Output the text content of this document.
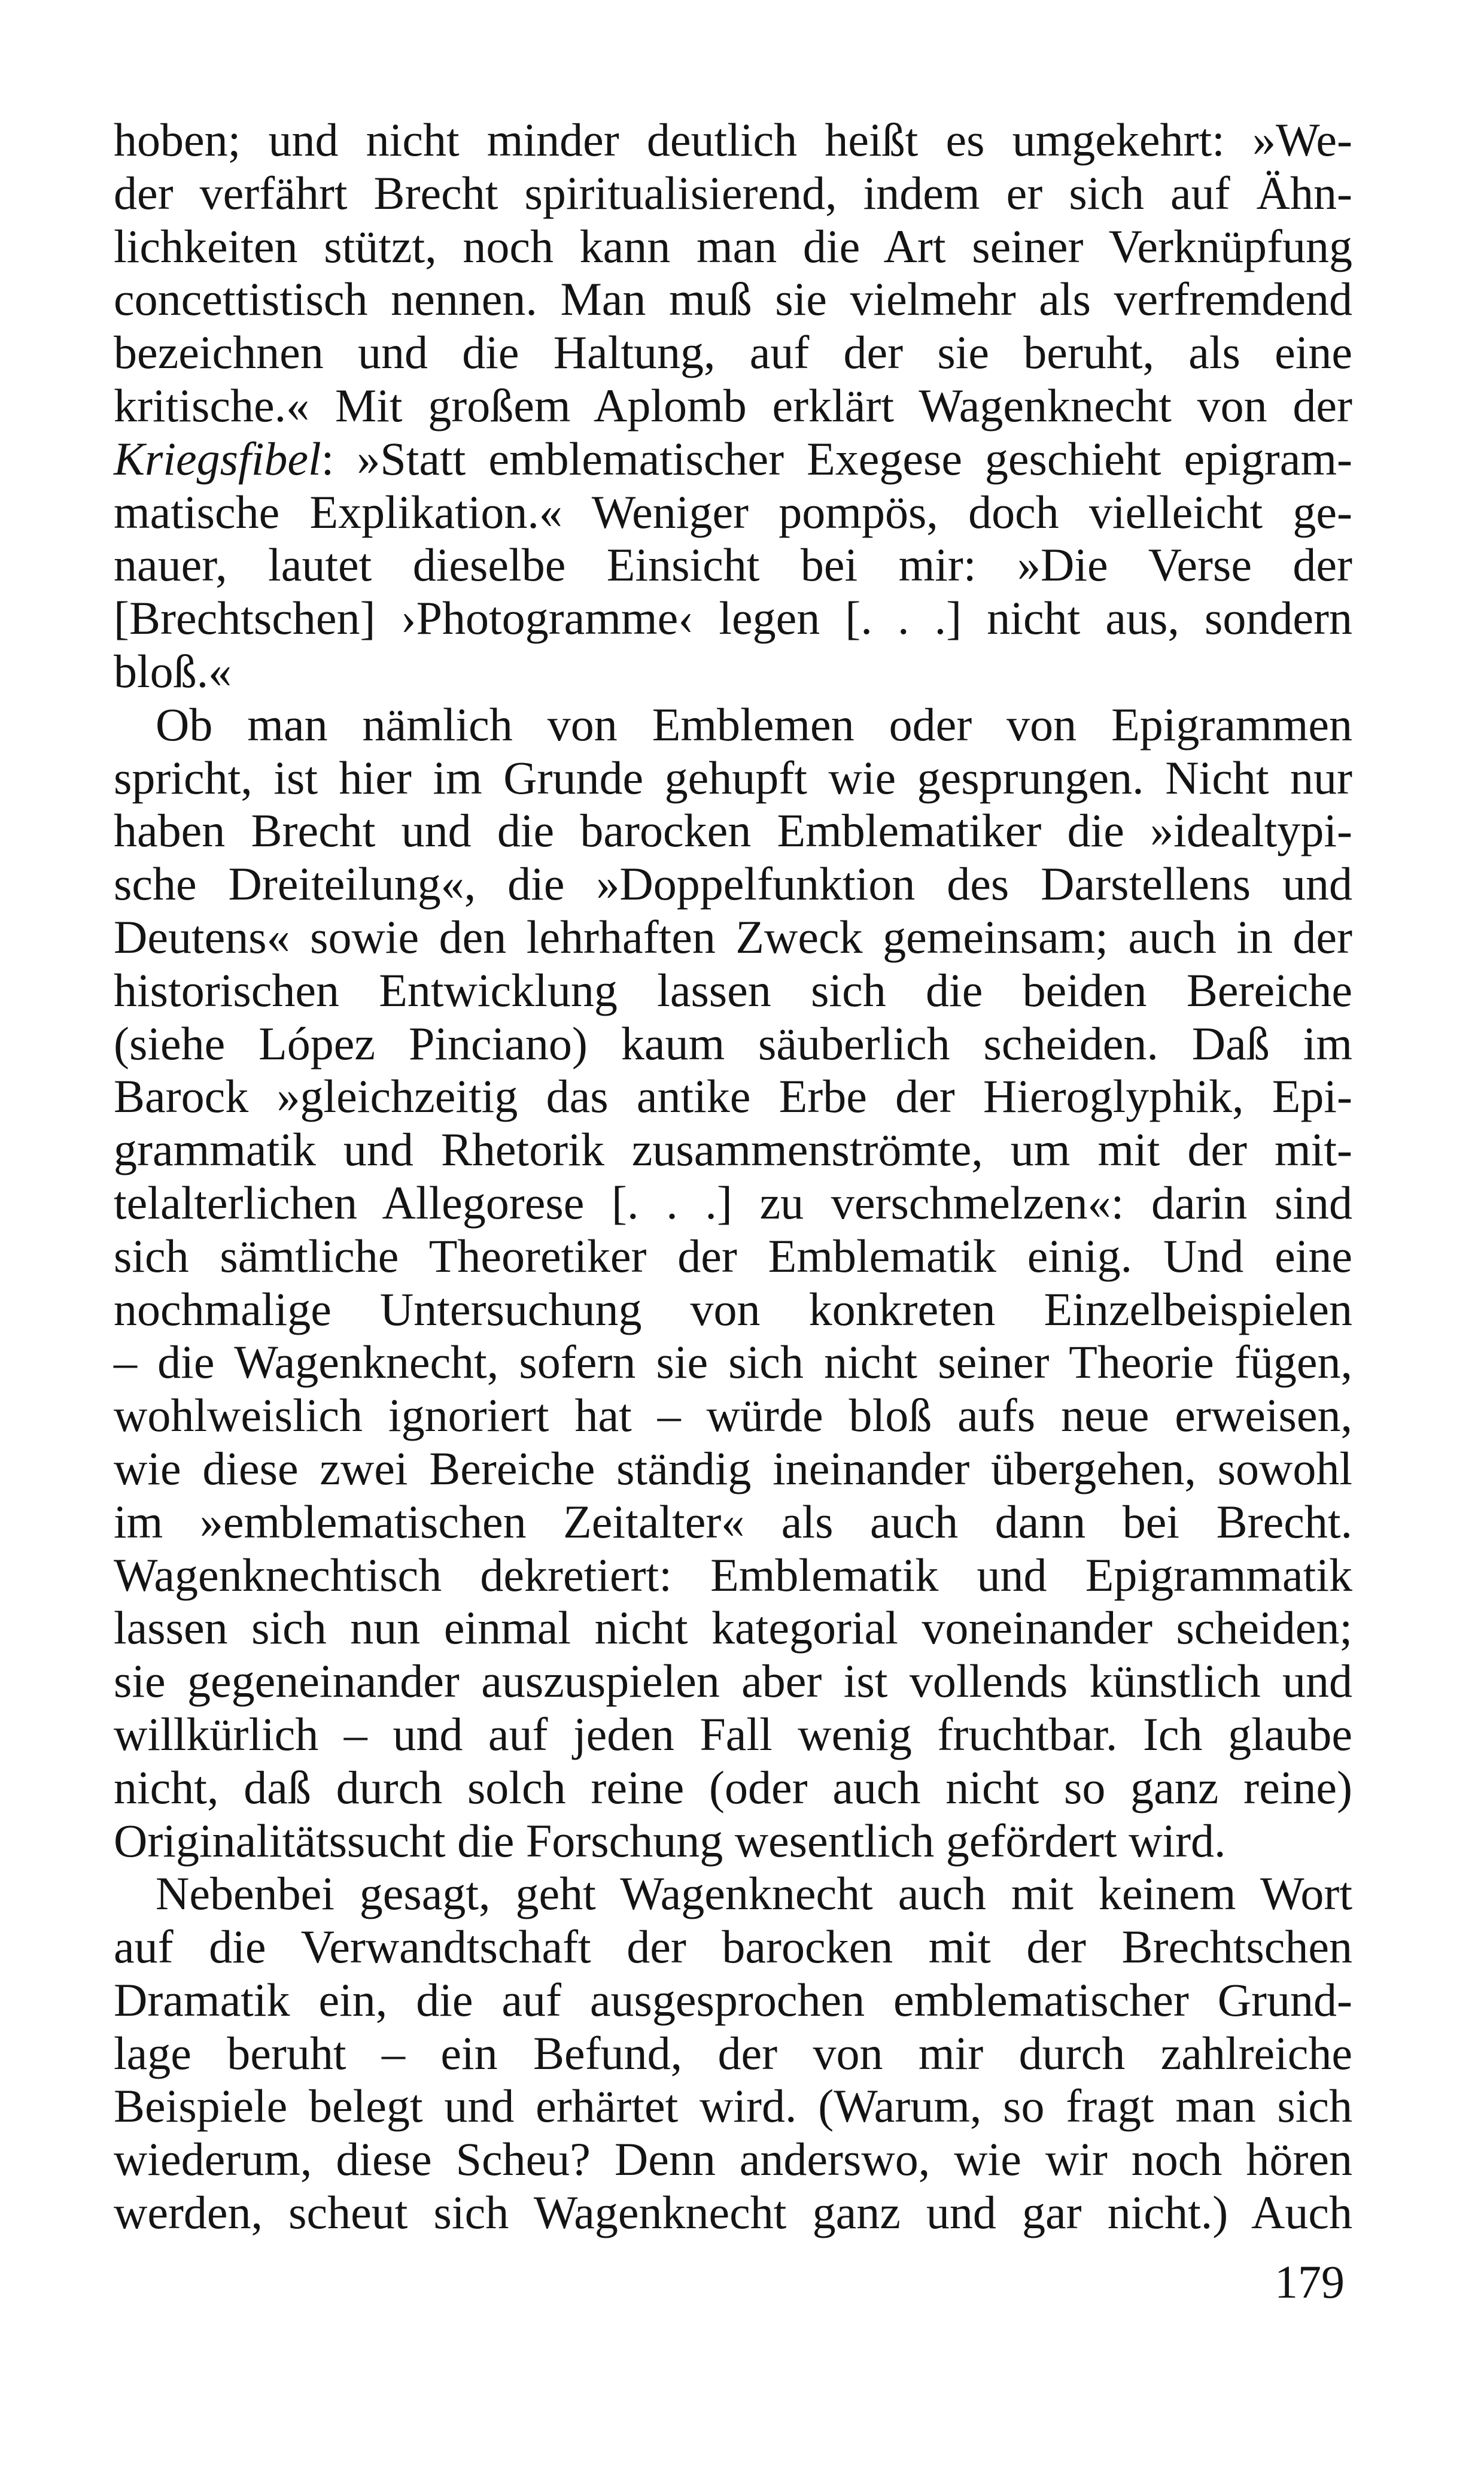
hoben; und nicht minder deutlich heißt es umgekehrt: »We-
der verfährt Brecht spiritualisierend, indem er sich auf Ähn-
lichkeiten stützt, noch kann man die Art seiner Verknüpfung
concettistisch nennen. Man muß sie vielmehr als verfremdend
bezeichnen und die Haltung, auf der sie beruht, als eine
kritische.« Mit großem Aplomb erklärt Wagenknecht von der
Kriegsfibel: »Statt emblematischer Exegese geschieht epigram-
matische Explikation.« Weniger pompös, doch vielleicht ge-
nauer, lautet dieselbe Einsicht bei mir: »Die Verse der
[Brechtschen] ›Photogramme‹ legen [. . .] nicht aus, sondern
bloß.«
Ob man nämlich von Emblemen oder von Epigrammen
spricht, ist hier im Grunde gehupft wie gesprungen. Nicht nur
haben Brecht und die barocken Emblematiker die »idealtypi-
sche Dreiteilung«, die »Doppelfunktion des Darstellens und
Deutens« sowie den lehrhaften Zweck gemeinsam; auch in der
historischen Entwicklung lassen sich die beiden Bereiche
(siehe López Pinciano) kaum säuberlich scheiden. Daß im
Barock »gleichzeitig das antike Erbe der Hieroglyphik, Epi-
grammatik und Rhetorik zusammenströmte, um mit der mit-
telalterlichen Allegorese [. . .] zu verschmelzen«: darin sind
sich sämtliche Theoretiker der Emblematik einig. Und eine
nochmalige Untersuchung von konkreten Einzelbeispielen
– die Wagenknecht, sofern sie sich nicht seiner Theorie fügen,
wohlweislich ignoriert hat – würde bloß aufs neue erweisen,
wie diese zwei Bereiche ständig ineinander übergehen, sowohl
im »emblematischen Zeitalter« als auch dann bei Brecht.
Wagenknechtisch dekretiert: Emblematik und Epigrammatik
lassen sich nun einmal nicht kategorial voneinander scheiden;
sie gegeneinander auszuspielen aber ist vollends künstlich und
willkürlich – und auf jeden Fall wenig fruchtbar. Ich glaube
nicht, daß durch solch reine (oder auch nicht so ganz reine)
Originalitätssucht die Forschung wesentlich gefördert wird.
Nebenbei gesagt, geht Wagenknecht auch mit keinem Wort
auf die Verwandtschaft der barocken mit der Brechtschen
Dramatik ein, die auf ausgesprochen emblematischer Grund-
lage beruht – ein Befund, der von mir durch zahlreiche
Beispiele belegt und erhärtet wird. (Warum, so fragt man sich
wiederum, diese Scheu? Denn anderswo, wie wir noch hören
werden, scheut sich Wagenknecht ganz und gar nicht.) Auch
179
